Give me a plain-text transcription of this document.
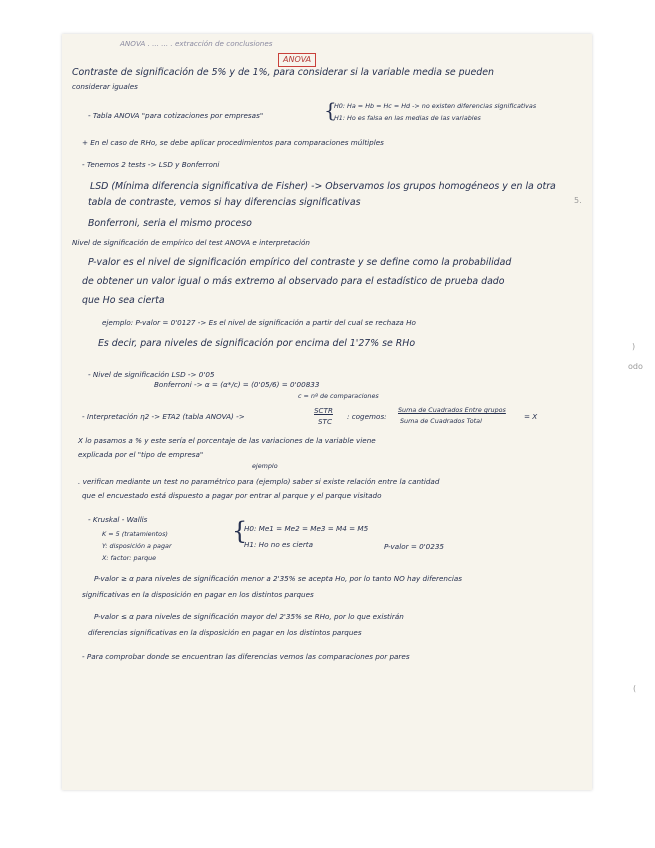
ANOVA . ... ... . extracción de conclusiones
ANOVA
Contraste de significación de 5% y de 1%, para considerar si la variable media se pueden
considerar iguales
- Tabla ANOVA "para cotizaciones por empresas"	{
H0: Ha = Hb = Hc = Hd -> no existen diferencias significativas
H1: Ho es falsa en las medias de las variables
+ En el caso de RHo, se debe aplicar procedimientos para comparaciones múltiples
- Tenemos 2 tests -> LSD y Bonferroni
LSD (Mínima diferencia significativa de Fisher) -> Observamos los grupos homogéneos y en la otra
tabla de contraste, vemos si hay diferencias significativas
Bonferroni, seria el mismo proceso
Nivel de significación de empírico del test ANOVA e interpretación
P-valor es el nivel de significación empírico del contraste y se define como la probabilidad
de obtener un valor igual o más extremo al observado para el estadístico de prueba dado
que Ho sea cierta
ejemplo: P-valor = 0'0127 -> Es el nivel de significación a partir del cual se rechaza Ho
Es decir, para niveles de significación por encima del 1'27% se RHo
- Nivel de significación LSD -> 0'05
Bonferroni -> α = (α*/c) = (0'05/6) = 0'00833
c = nº de comparaciones
- Interpretación η2 -> ETA2 (tabla ANOVA) ->
SCTR
STC
: cogemos:
Suma de Cuadrados Entre grupos
Suma de Cuadrados Total	= X
X lo pasamos a % y este sería el porcentaje de las variaciones de la variable viene
explicada por el "tipo de empresa"
ejemplo
. verifican mediante un test no paramétrico para (ejemplo) saber si existe relación entre la cantidad
que el encuestado está dispuesto a pagar por entrar al parque y el parque visitado
- Kruskal - Wallis
K = 5 (tratamientos)
Y: disposición a pagar
X: factor: parque
{
H0: Me1 = Me2 = Me3 = M4 = M5
H1: Ho no es cierta	P-valor = 0'0235
P-valor ≥ α para niveles de significación menor a 2'35% se acepta Ho, por lo tanto NO hay diferencias
significativas en la disposición en pagar en los distintos parques
P-valor ≤ α para niveles de significación mayor del 2'35% se RHo, por lo que existirán
diferencias significativas en la disposición en pagar en los distintos parques
- Para comprobar donde se encuentran las diferencias vemos las comparaciones por pares
5.
)
odo
(
